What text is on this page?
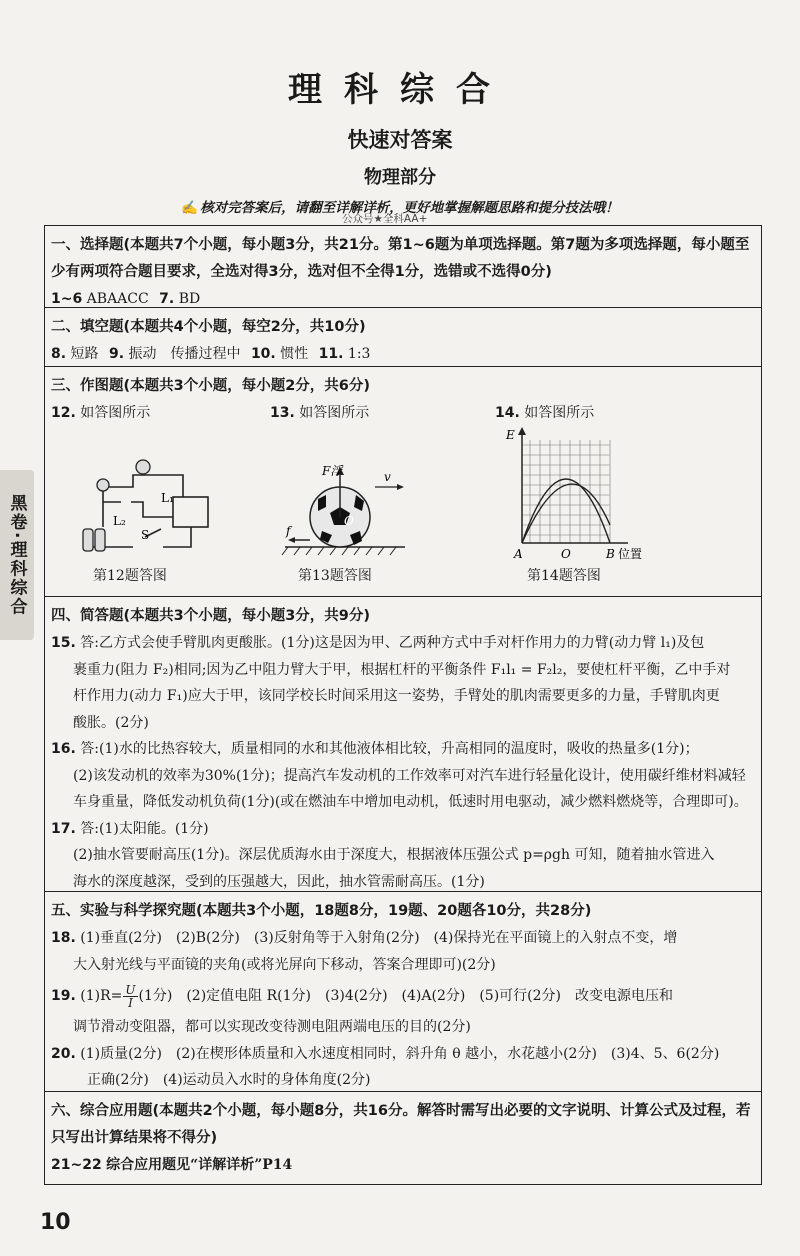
理科综合
快速对答案
物理部分
✍ 核对完答案后，请翻至详解详析，更好地掌握解题思路和提分技法哦！
公众号★全科AA+
黑卷·理科综合
一、选择题(本题共7个小题，每小题3分，共21分。第1~6题为单项选择题。第7题为多项选择题，每小题至
少有两项符合题目要求，全选对得3分，选对但不全得1分，选错或不选得0分)
1~6 ABAACC 7. BD
二、填空题(本题共4个小题，每空2分，共10分)
8. 短路 9. 振动　传播过程中 10. 惯性 11. 1:3
三、作图题(本题共3个小题，每小题2分，共6分)
12. 如答图所示	13. 如答图所示	14. 如答图所示
L₁
L₂
S
第12题答图
F浮	v
f
O
第13题答图
E
A	O	B 位置
第14题答图
四、简答题(本题共3个小题，每小题3分，共9分)
15. 答:乙方式会使手臂肌肉更酸胀。(1分)这是因为甲、乙两种方式中手对杆作用力的力臂(动力臂 l₁)及包
裹重力(阻力 F₂)相同;因为乙中阻力臂大于甲，根据杠杆的平衡条件 F₁l₁ = F₂l₂，要使杠杆平衡，乙中手对
杆作用力(动力 F₁)应大于甲，该同学校长时间采用这一姿势，手臂处的肌肉需要更多的力量，手臂肌肉更
酸胀。(2分)
16. 答:(1)水的比热容较大，质量相同的水和其他液体相比较，升高相同的温度时，吸收的热量多(1分)；
(2)该发动机的效率为30%(1分)；提高汽车发动机的工作效率可对汽车进行轻量化设计，使用碳纤维材料减轻
车身重量，降低发动机负荷(1分)(或在燃油车中增加电动机，低速时用电驱动，减少燃料燃烧等，合理即可)。
17. 答:(1)太阳能。(1分)
(2)抽水管要耐高压(1分)。深层优质海水由于深度大，根据液体压强公式 p=ρgh 可知，随着抽水管进入
海水的深度越深，受到的压强越大，因此，抽水管需耐高压。(1分)
五、实验与科学探究题(本题共3个小题，18题8分，19题、20题各10分，共28分)
18. (1)垂直(2分)　(2)B(2分)　(3)反射角等于入射角(2分)　(4)保持光在平面镜上的入射点不变，增
大入射光线与平面镜的夹角(或将光屏向下移动，答案合理即可)(2分)
19. $(1)R= \frac{U}{I} (1$分)　(2)定值电阻 R(1分)　(3)4(2分)　(4)A(2分)　(5)可行(2分)　改变电源电压和
调节滑动变阻器，都可以实现改变待测电阻两端电压的目的(2分)
20. (1)质量(2分)　(2)在楔形体质量和入水速度相同时，斜升角 θ 越小，水花越小(2分)　(3)4、5、6(2分)
正确(2分)　(4)运动员入水时的身体角度(2分)
六、综合应用题(本题共2个小题，每小题8分，共16分。解答时需写出必要的文字说明、计算公式及过程，若
只写出计算结果将不得分)
21~22 综合应用题见“详解详析”P14
10
